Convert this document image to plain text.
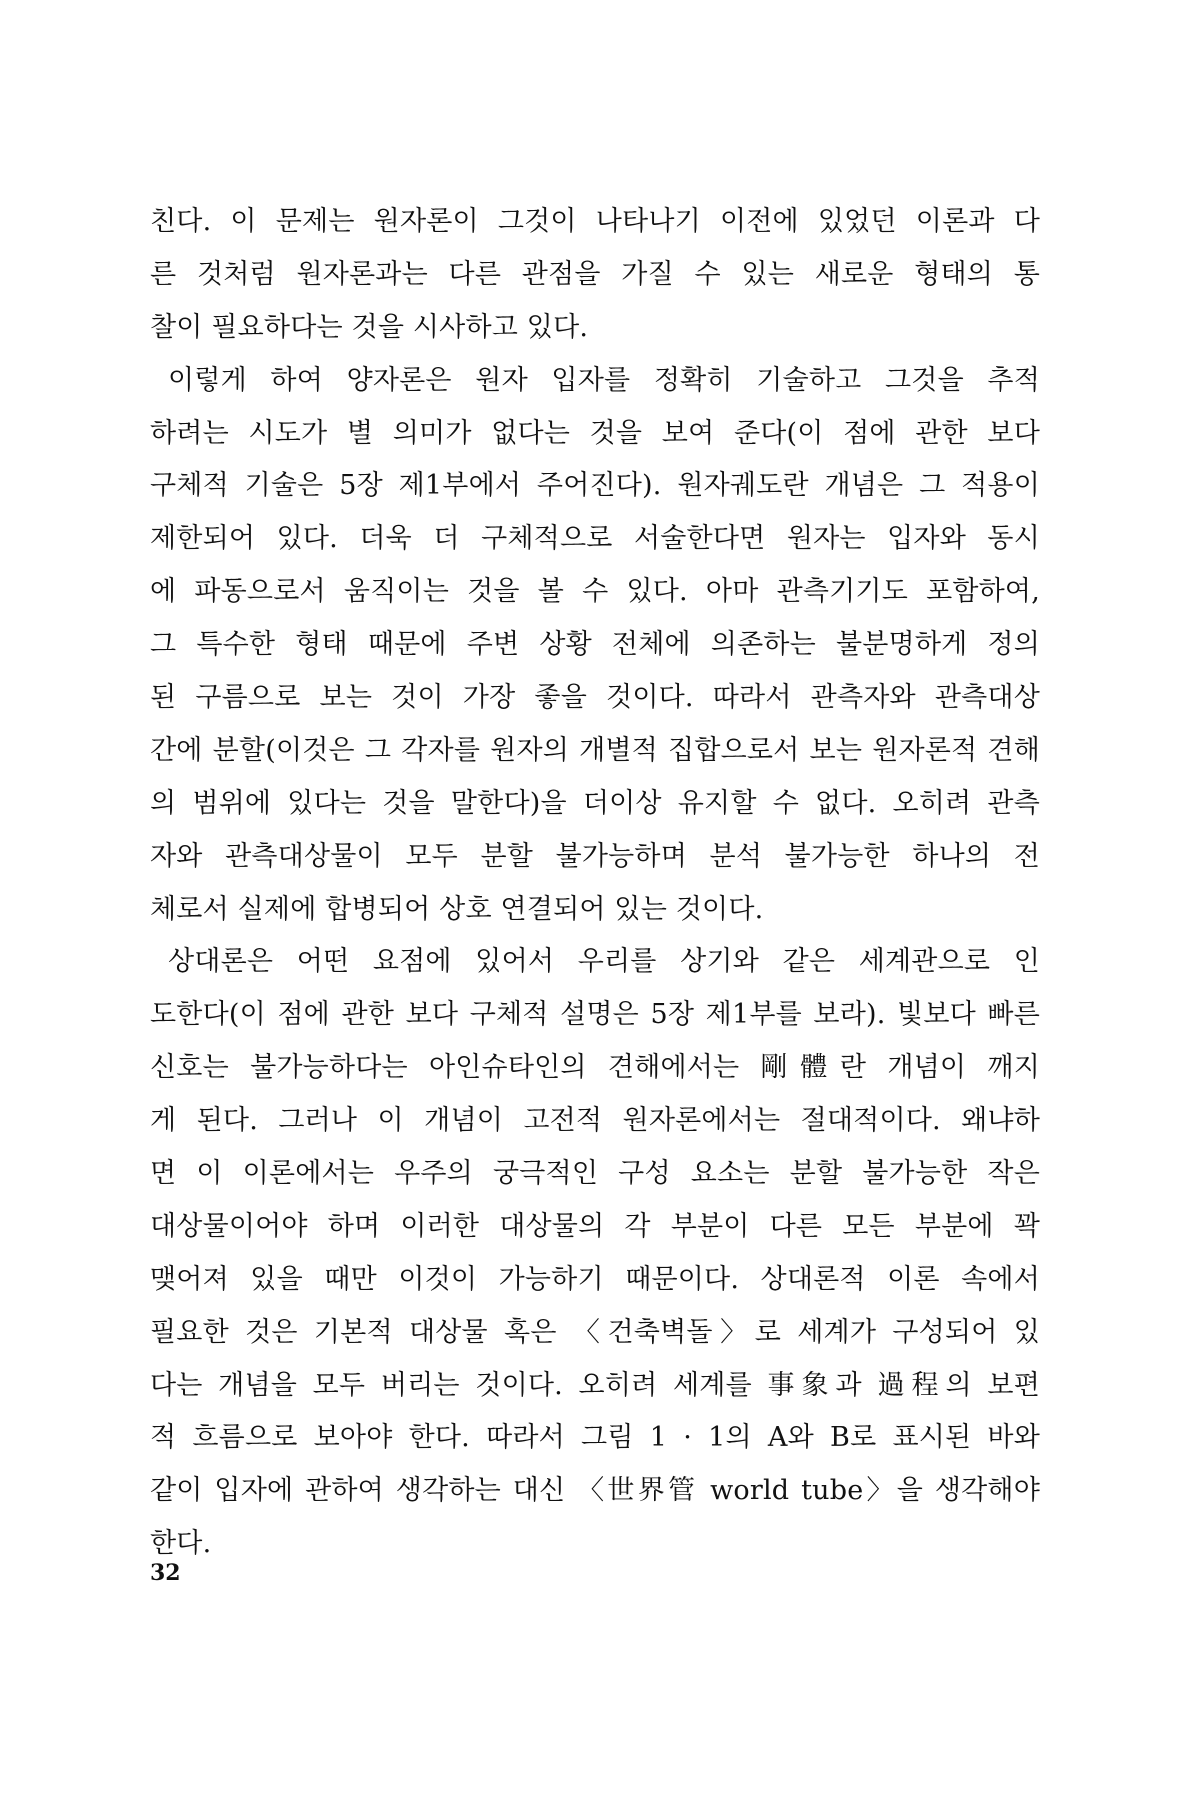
친다. 이 문제는 원자론이 그것이 나타나기 이전에 있었던 이론과 다
른 것처럼 원자론과는 다른 관점을 가질 수 있는 새로운 형태의 통
찰이 필요하다는 것을 시사하고 있다.
이렇게 하여 양자론은 원자 입자를 정확히 기술하고 그것을 추적
하려는 시도가 별 의미가 없다는 것을 보여 준다(이 점에 관한 보다
구체적 기술은 5장 제1부에서 주어진다). 원자궤도란 개념은 그 적용이
제한되어 있다. 더욱 더 구체적으로 서술한다면 원자는 입자와 동시
에 파동으로서 움직이는 것을 볼 수 있다. 아마 관측기기도 포함하여,
그 특수한 형태 때문에 주변 상황 전체에 의존하는 불분명하게 정의
된 구름으로 보는 것이 가장 좋을 것이다. 따라서 관측자와 관측대상
간에 분할(이것은 그 각자를 원자의 개별적 집합으로서 보는 원자론적 견해
의 범위에 있다는 것을 말한다)을 더이상 유지할 수 없다. 오히려 관측
자와 관측대상물이 모두 분할 불가능하며 분석 불가능한 하나의 전
체로서 실제에 합병되어 상호 연결되어 있는 것이다.
상대론은 어떤 요점에 있어서 우리를 상기와 같은 세계관으로 인
도한다(이 점에 관한 보다 구체적 설명은 5장 제1부를 보라). 빛보다 빠른
신호는 불가능하다는 아인슈타인의 견해에서는 剛體란 개념이 깨지
게 된다. 그러나 이 개념이 고전적 원자론에서는 절대적이다. 왜냐하
면 이 이론에서는 우주의 궁극적인 구성 요소는 분할 불가능한 작은
대상물이어야 하며 이러한 대상물의 각 부분이 다른 모든 부분에 꽉
맺어져 있을 때만 이것이 가능하기 때문이다. 상대론적 이론 속에서
필요한 것은 기본적 대상물 혹은 〈건축벽돌〉로 세계가 구성되어 있
다는 개념을 모두 버리는 것이다. 오히려 세계를 事象과 過程의 보편
적 흐름으로 보아야 한다. 따라서 그림 1 · 1의 A와 B로 표시된 바와
같이 입자에 관하여 생각하는 대신 〈世界管 world tube〉을 생각해야
한다.
32
